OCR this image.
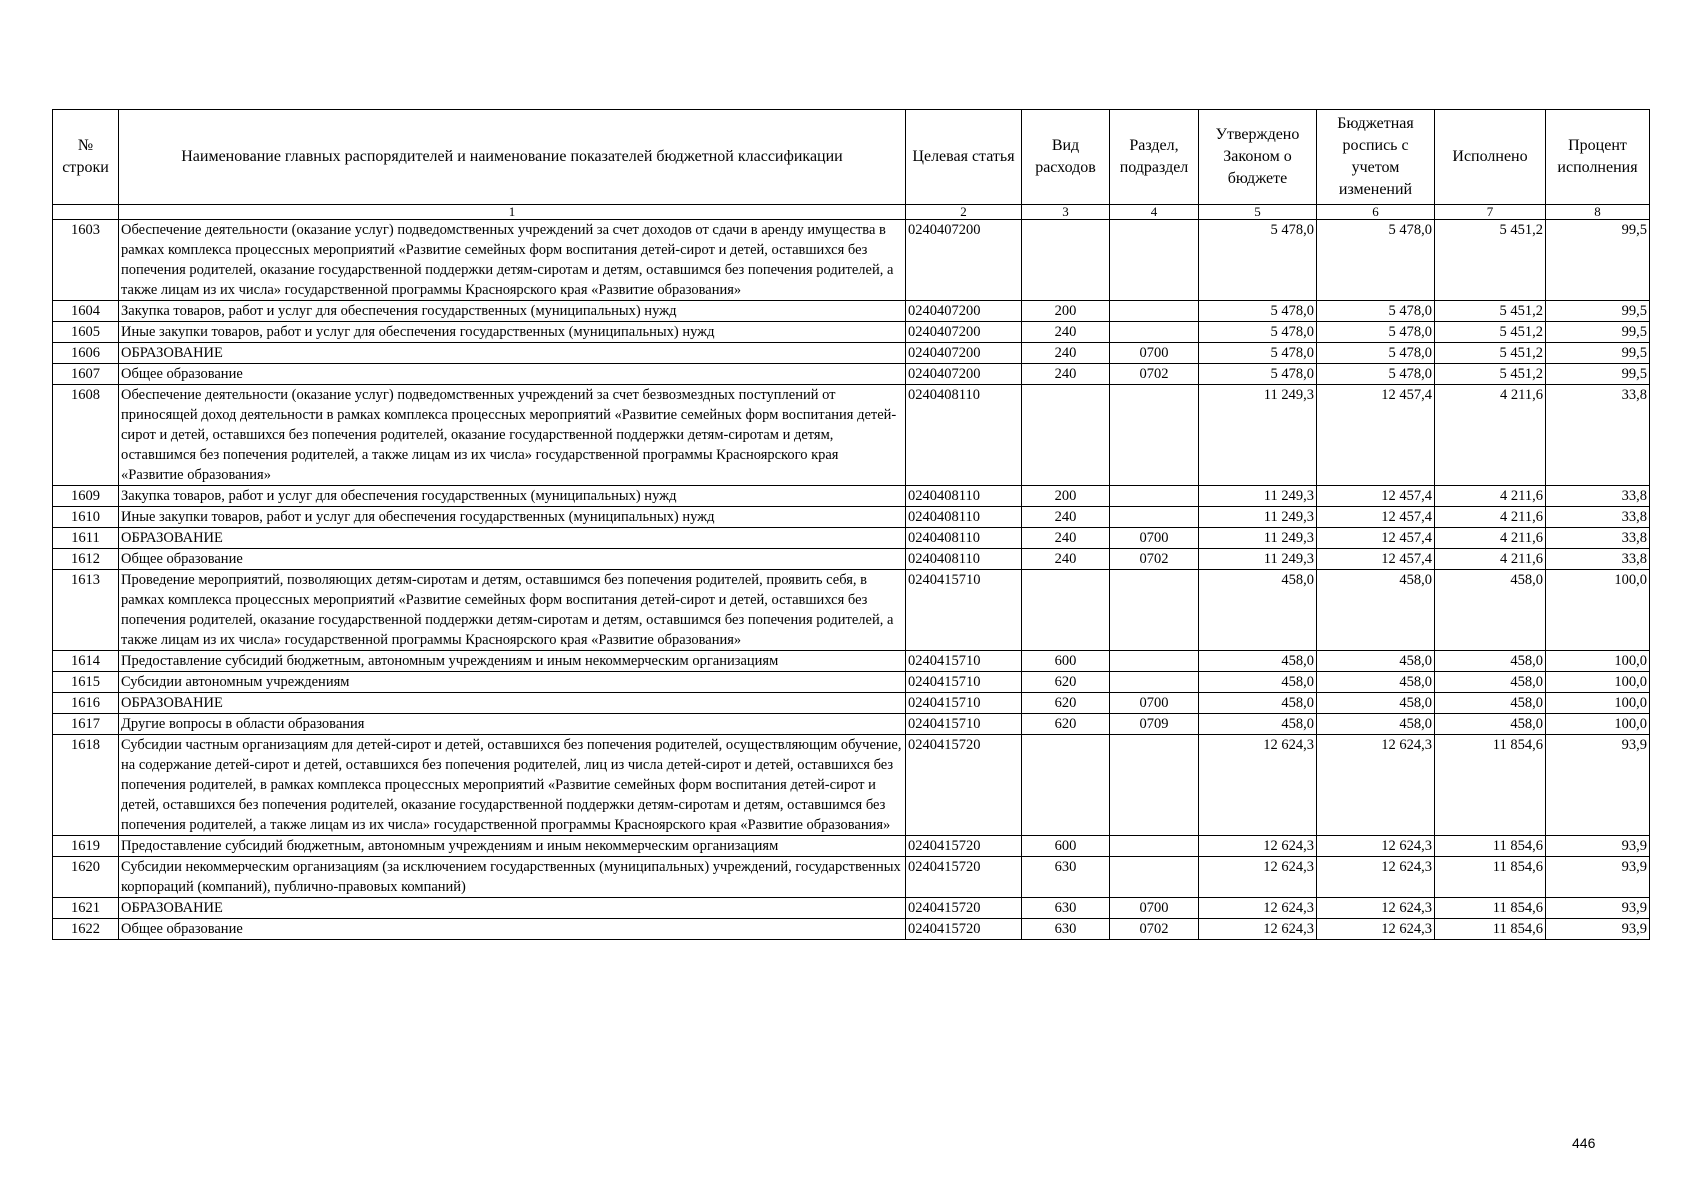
№ строки	Наименование главных распорядителей и наименование показателей бюджетной классификации	Целевая статья	Вид расходов	Раздел, подраздел	Утверждено Законом о бюджете	Бюджетная роспись с учетом изменений	Исполнено	Процент исполнения
	1	2	3	4	5	6	7	8
1603	Обеспечение деятельности (оказание услуг) подведомственных учреждений за счет доходов от сдачи в аренду имущества в рамках комплекса процессных мероприятий «Развитие семейных форм воспитания детей-сирот и детей, оставшихся без попечения родителей, оказание государственной поддержки детям-сиротам и детям, оставшимся без попечения родителей, а также лицам из их числа» государственной программы Красноярского края «Развитие образования»	0240407200			5 478,0	5 478,0	5 451,2	99,5
1604	Закупка товаров, работ и услуг для обеспечения государственных (муниципальных) нужд	0240407200	200		5 478,0	5 478,0	5 451,2	99,5
1605	Иные закупки товаров, работ и услуг для обеспечения государственных (муниципальных) нужд	0240407200	240		5 478,0	5 478,0	5 451,2	99,5
1606	ОБРАЗОВАНИЕ	0240407200	240	0700	5 478,0	5 478,0	5 451,2	99,5
1607	Общее образование	0240407200	240	0702	5 478,0	5 478,0	5 451,2	99,5
1608	Обеспечение деятельности (оказание услуг) подведомственных учреждений за счет безвозмездных поступлений от приносящей доход деятельности в рамках комплекса процессных мероприятий «Развитие семейных форм воспитания детей-сирот и детей, оставшихся без попечения родителей, оказание государственной поддержки детям-сиротам и детям, оставшимся без попечения родителей, а также лицам из их числа» государственной программы Красноярского края «Развитие образования»	0240408110			11 249,3	12 457,4	4 211,6	33,8
1609	Закупка товаров, работ и услуг для обеспечения государственных (муниципальных) нужд	0240408110	200		11 249,3	12 457,4	4 211,6	33,8
1610	Иные закупки товаров, работ и услуг для обеспечения государственных (муниципальных) нужд	0240408110	240		11 249,3	12 457,4	4 211,6	33,8
1611	ОБРАЗОВАНИЕ	0240408110	240	0700	11 249,3	12 457,4	4 211,6	33,8
1612	Общее образование	0240408110	240	0702	11 249,3	12 457,4	4 211,6	33,8
1613	Проведение мероприятий, позволяющих детям-сиротам и детям, оставшимся без попечения родителей, проявить себя, в рамках комплекса процессных мероприятий «Развитие семейных форм воспитания детей-сирот и детей, оставшихся без попечения родителей, оказание государственной поддержки детям-сиротам и детям, оставшимся без попечения родителей, а также лицам из их числа» государственной программы Красноярского края «Развитие образования»	0240415710			458,0	458,0	458,0	100,0
1614	Предоставление субсидий бюджетным, автономным учреждениям и иным некоммерческим организациям	0240415710	600		458,0	458,0	458,0	100,0
1615	Субсидии автономным учреждениям	0240415710	620		458,0	458,0	458,0	100,0
1616	ОБРАЗОВАНИЕ	0240415710	620	0700	458,0	458,0	458,0	100,0
1617	Другие вопросы в области образования	0240415710	620	0709	458,0	458,0	458,0	100,0
1618	Субсидии частным организациям для детей-сирот и детей, оставшихся без попечения родителей, осуществляющим обучение, на содержание детей-сирот и детей, оставшихся без попечения родителей, лиц из числа детей-сирот и детей, оставшихся без попечения родителей, в рамках комплекса процессных мероприятий «Развитие семейных форм воспитания детей-сирот и детей, оставшихся без попечения родителей, оказание государственной поддержки детям-сиротам и детям, оставшимся без попечения родителей, а также лицам из их числа» государственной программы Красноярского края «Развитие образования»	0240415720			12 624,3	12 624,3	11 854,6	93,9
1619	Предоставление субсидий бюджетным, автономным учреждениям и иным некоммерческим организациям	0240415720	600		12 624,3	12 624,3	11 854,6	93,9
1620	Субсидии некоммерческим организациям (за исключением государственных (муниципальных) учреждений, государственных корпораций (компаний), публично-правовых компаний)	0240415720	630		12 624,3	12 624,3	11 854,6	93,9
1621	ОБРАЗОВАНИЕ	0240415720	630	0700	12 624,3	12 624,3	11 854,6	93,9
1622	Общее образование	0240415720	630	0702	12 624,3	12 624,3	11 854,6	93,9
446
